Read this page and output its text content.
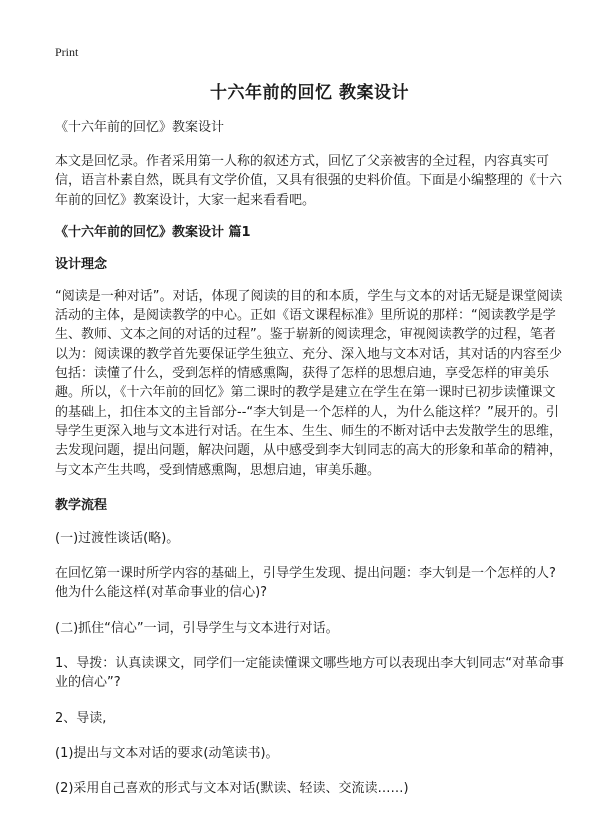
Print
十六年前的回忆 教案设计
《十六年前的回忆》教案设计

本文是回忆录。作者采用第一人称的叙述方式，回忆了父亲被害的全过程，内容真实可信，语言朴素自然，既具有文学价值，又具有很强的史料价值。下面是小编整理的《十六年前的回忆》教案设计，大家一起来看看吧。

《十六年前的回忆》教案设计 篇1
设计理念

“阅读是一种对话”。对话，体现了阅读的目的和本质，学生与文本的对话无疑是课堂阅读活动的主体，是阅读教学的中心。正如《语文课程标准》里所说的那样：“阅读教学是学生、教师、文本之间的对话的过程”。鉴于崭新的阅读理念，审视阅读教学的过程，笔者以为：阅读课的教学首先要保证学生独立、充分、深入地与文本对话，其对话的内容至少包括：读懂了什么，受到怎样的情感熏陶，获得了怎样的思想启迪，享受怎样的审美乐趣。所以，《十六年前的回忆》第二课时的教学是建立在学生在第一课时已初步读懂课文的基础上，扣住本文的主旨部分--“李大钊是一个怎样的人，为什么能这样？”展开的。引导学生更深入地与文本进行对话。在生本、生生、师生的不断对话中去发散学生的思维，去发现问题，提出问题，解决问题，从中感受到李大钊同志的高大的形象和革命的精神，与文本产生共鸣，受到情感熏陶，思想启迪，审美乐趣。

教学流程

(一)过渡性谈话(略)。

在回忆第一课时所学内容的基础上，引导学生发现、提出问题：李大钊是一个怎样的人?他为什么能这样(对革命事业的信心)?

(二)抓住“信心”一词，引导学生与文本进行对话。

1、导拨：认真读课文，同学们一定能读懂课文哪些地方可以表现出李大钊同志“对革命事业的信心”?

2、导读,

(1)提出与文本对话的要求(动笔读书)。

(2)采用自己喜欢的形式与文本对话(默读、轻读、交流读……)
